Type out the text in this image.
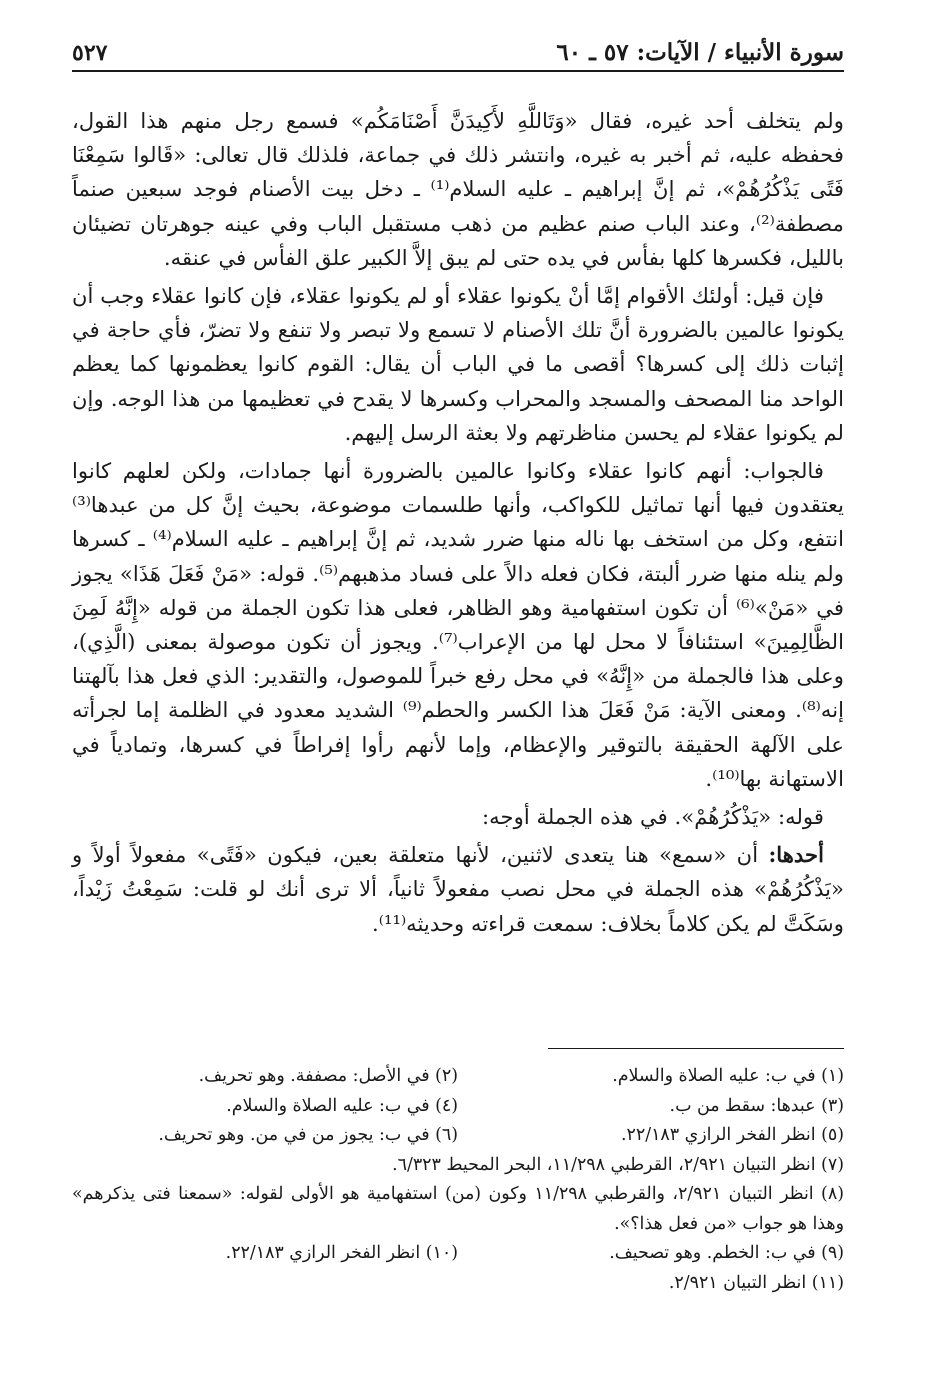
سورة الأنبياء / الآيات: ٥٧ ـ ٦٠
٥٢٧

ولم يتخلف أحد غيره، فقال «وَتَاللَّهِ لأَكِيدَنَّ أَصْنَامَكُم» فسمع رجل منهم هذا القول، فحفظه عليه، ثم أخبر به غيره، وانتشر ذلك في جماعة، فلذلك قال تعالى: «قَالوا سَمِعْنَا فَتًى يَذْكُرُهُمْ»، ثم إنَّ إبراهيم ـ عليه السلام⁽¹⁾ ـ دخل بيت الأصنام فوجد سبعين صنماً مصطفة⁽²⁾، وعند الباب صنم عظيم من ذهب مستقبل الباب وفي عينه جوهرتان تضيئان بالليل، فكسرها كلها بفأس في يده حتى لم يبق إلاَّ الكبير علق الفأس في عنقه.

فإن قيل: أولئك الأقوام إمَّا أنْ يكونوا عقلاء أو لم يكونوا عقلاء، فإن كانوا عقلاء وجب أن يكونوا عالمين بالضرورة أنَّ تلك الأصنام لا تسمع ولا تبصر ولا تنفع ولا تضرّ، فأي حاجة في إثبات ذلك إلى كسرها؟ أقصى ما في الباب أن يقال: القوم كانوا يعظمونها كما يعظم الواحد منا المصحف والمسجد والمحراب وكسرها لا يقدح في تعظيمها من هذا الوجه. وإن لم يكونوا عقلاء لم يحسن مناظرتهم ولا بعثة الرسل إليهم.

فالجواب: أنهم كانوا عقلاء وكانوا عالمين بالضرورة أنها جمادات، ولكن لعلهم كانوا يعتقدون فيها أنها تماثيل للكواكب، وأنها طلسمات موضوعة، بحيث إنَّ كل من عبدها⁽³⁾ انتفع، وكل من استخف بها ناله منها ضرر شديد، ثم إنَّ إبراهيم ـ عليه السلام⁽⁴⁾ ـ كسرها ولم ينله منها ضرر ألبتة، فكان فعله دالاً على فساد مذهبهم⁽⁵⁾. قوله: «مَنْ فَعَلَ هَذَا» يجوز في «مَنْ»⁽⁶⁾ أن تكون استفهامية وهو الظاهر، فعلى هذا تكون الجملة من قوله «إِنَّهُ لَمِنَ الظَّالِمِينَ» استئنافاً لا محل لها من الإعراب⁽⁷⁾. ويجوز أن تكون موصولة بمعنى (الَّذِي)، وعلى هذا فالجملة من «إِنَّهُ» في محل رفع خبراً للموصول، والتقدير: الذي فعل هذا بآلهتنا إنه⁽⁸⁾. ومعنى الآية: مَنْ فَعَلَ هذا الكسر والحطم⁽⁹⁾ الشديد معدود في الظلمة إما لجرأته على الآلهة الحقيقة بالتوقير والإعظام، وإما لأنهم رأوا إفراطاً في كسرها، وتمادياً في الاستهانة بها⁽¹⁰⁾.

قوله: «يَذْكُرُهُمْ». في هذه الجملة أوجه:

أحدها: أن «سمع» هنا يتعدى لاثنين، لأنها متعلقة بعين، فيكون «فَتًى» مفعولاً أولاً و «يَذْكُرُهُمْ» هذه الجملة في محل نصب مفعولاً ثانياً، ألا ترى أنك لو قلت: سَمِعْتُ زَيْداً، وسَكَتَّ لم يكن كلاماً بخلاف: سمعت قراءته وحديثه⁽¹¹⁾.

(١) في ب: عليه الصلاة والسلام.
(٢) في الأصل: مصففة. وهو تحريف.
(٣) عبدها: سقط من ب.
(٤) في ب: عليه الصلاة والسلام.
(٥) انظر الفخر الرازي ٢٢/١٨٣.
(٦) في ب: يجوز من في من. وهو تحريف.
(٧) انظر التبيان ٢/٩٢١، القرطبي ١١/٢٩٨، البحر المحيط ٦/٣٢٣.
(٨) انظر التبيان ٢/٩٢١، والقرطبي ١١/٢٩٨ وكون (من) استفهامية هو الأولى لقوله: «سمعنا فتى يذكرهم» وهذا هو جواب «من فعل هذا؟».
(٩) في ب: الخطم. وهو تصحيف.
(١٠) انظر الفخر الرازي ٢٢/١٨٣.
(١١) انظر التبيان ٢/٩٢١.
